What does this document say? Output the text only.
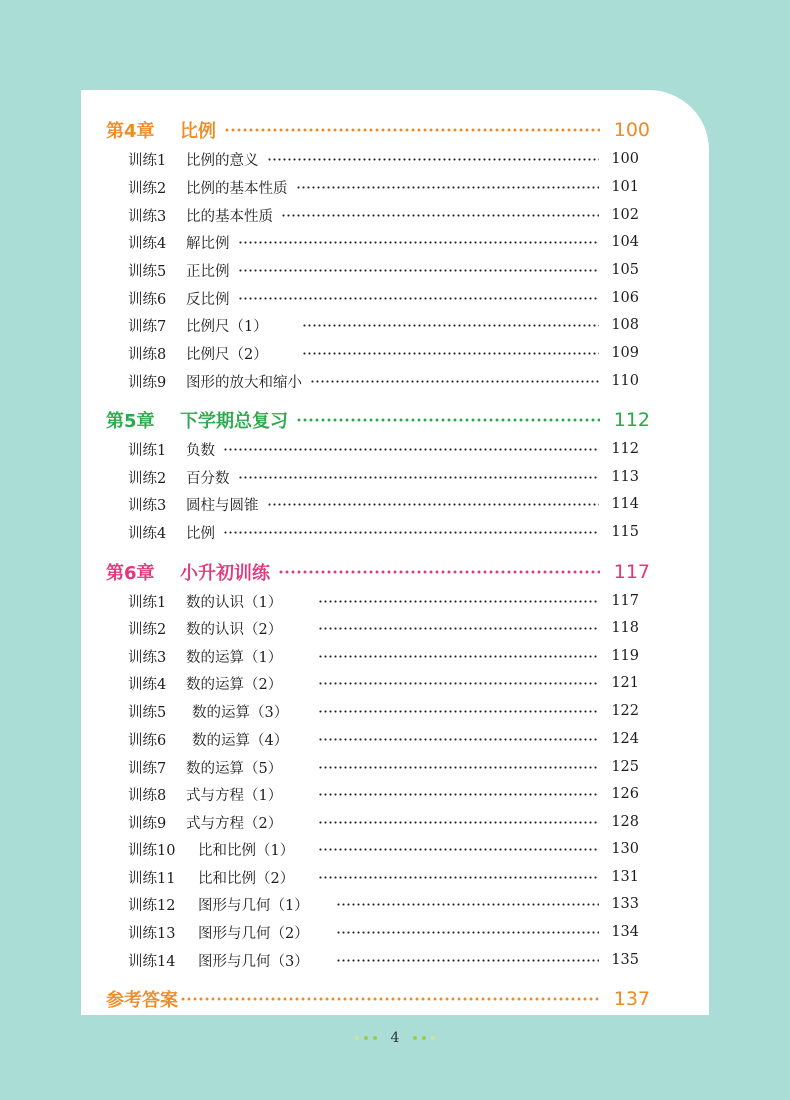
第4章	比例	100
训练1	比例的意义	100
训练2	比例的基本性质	101
训练3	比的基本性质	102
训练4	解比例	104
训练5	正比例	105
训练6	反比例	106
训练7	比例尺（1）	108
训练8	比例尺（2）	109
训练9	图形的放大和缩小	110
第5章	下学期总复习	112
训练1	负数	112
训练2	百分数	113
训练3	圆柱与圆锥	114
训练4	比例	115
第6章	小升初训练	117
训练1	数的认识（1）	117
训练2	数的认识（2）	118
训练3	数的运算（1）	119
训练4	数的运算（2）	121
训练5	数的运算（3）	122
训练6	数的运算（4）	124
训练7	数的运算（5）	125
训练8	式与方程（1）	126
训练9	式与方程（2）	128
训练10	比和比例（1）	130
训练11	比和比例（2）	131
训练12	图形与几何（1）	133
训练13	图形与几何（2）	134
训练14	图形与几何（3）	135
参考答案	137
4
